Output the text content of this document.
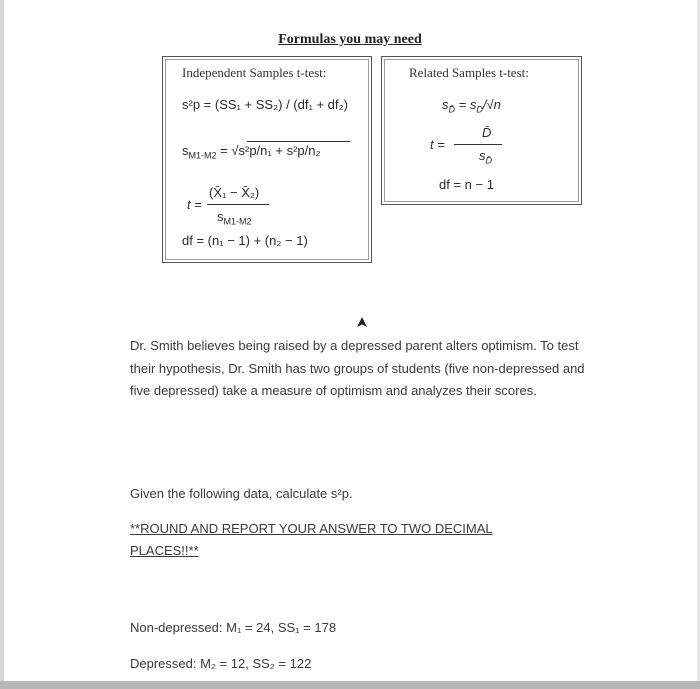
Formulas you may need
Independent Samples t-test:
s²p = (SS₁ + SS₂) / (df₁ + df₂)
$s_{M1-M2} = √s^2p/n_1 + s^2p/n_2$
t =
(X̄₁ − X̄₂)
$s_{M1-M2}$
df = (n₁ − 1) + (n₂ − 1)
Related Samples t-test:
$s_{D̄} = s_D/√n$
t =
D̄
$s_{D̄}$
df = n − 1
Dr. Smith believes being raised by a depressed parent alters optimism. To test their hypothesis, Dr. Smith has two groups of students (five non-depressed and five depressed) take a measure of optimism and analyzes their scores.
Given the following data, calculate s²p.
**ROUND AND REPORT YOUR ANSWER TO TWO DECIMAL
PLACES!!**
Non-depressed: M₁ = 24, SS₁ = 178
Depressed: M₂ = 12, SS₂ = 122
